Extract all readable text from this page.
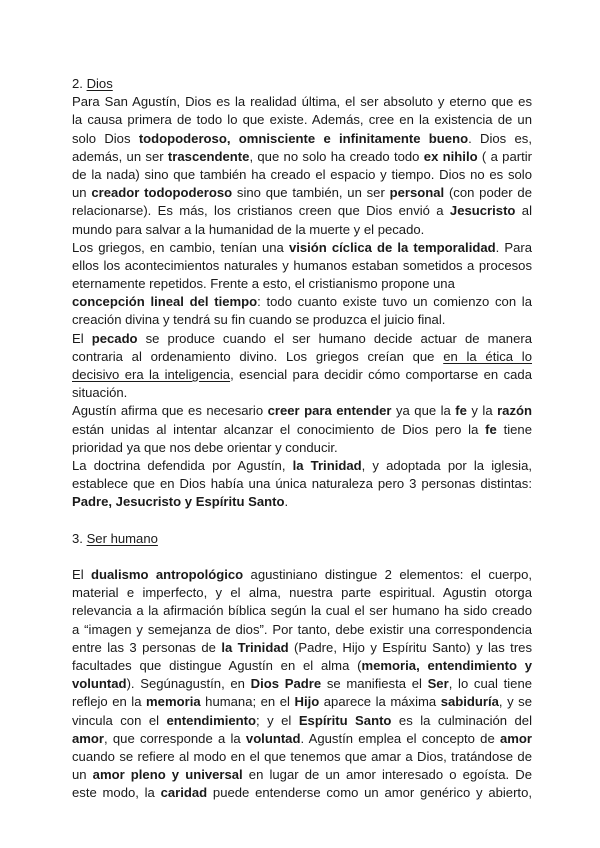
2. Dios
Para San Agustín, Dios es la realidad última, el ser absoluto y eterno que es
la causa primera de todo lo que existe. Además, cree en la existencia de un
solo Dios todopoderoso, omnisciente e infinitamente bueno. Dios es,
además, un ser trascendente, que no solo ha creado todo ex nihilo ( a partir
de la nada) sino que también ha creado el espacio y tiempo. Dios no es solo
un creador todopoderoso sino que también, un ser personal (con poder de
relacionarse). Es más, los cristianos creen que Dios envió a Jesucristo al
mundo para salvar a la humanidad de la muerte y el pecado.
Los griegos, en cambio, tenían una visión cíclica de la temporalidad. Para
ellos los acontecimientos naturales y humanos estaban sometidos a procesos
eternamente repetidos. Frente a esto, el cristianismo propone una
concepción lineal del tiempo: todo cuanto existe tuvo un comienzo con la
creación divina y tendrá su fin cuando se produzca el juicio final.
El pecado se produce cuando el ser humano decide actuar de manera
contraria al ordenamiento divino. Los griegos creían que en la ética lo
decisivo era la inteligencia, esencial para decidir cómo comportarse en cada
situación.
Agustín afirma que es necesario creer para entender ya que la fe y la razón
están unidas al intentar alcanzar el conocimiento de Dios pero la fe tiene
prioridad ya que nos debe orientar y conducir.
La doctrina defendida por Agustín, la Trinidad, y adoptada por la iglesia,
establece que en Dios había una única naturaleza pero 3 personas distintas:
Padre, Jesucristo y Espíritu Santo.
3. Ser humano
El dualismo antropológico agustiniano distingue 2 elementos: el cuerpo,
material e imperfecto, y el alma, nuestra parte espiritual. Agustin otorga
relevancia a la afirmación bíblica según la cual el ser humano ha sido creado
a “imagen y semejanza de dios”. Por tanto, debe existir una correspondencia
entre las 3 personas de la Trinidad (Padre, Hijo y Espíritu Santo) y las tres
facultades que distingue Agustín en el alma (memoria, entendimiento y
voluntad). Segúnagustín, en Dios Padre se manifiesta el Ser, lo cual tiene
reflejo en la memoria humana; en el Hijo aparece la máxima sabiduría, y se
vincula con el entendimiento; y el Espíritu Santo es la culminación del
amor, que corresponde a la voluntad. Agustín emplea el concepto de amor
cuando se refiere al modo en el que tenemos que amar a Dios, tratándose de
un amor pleno y universal en lugar de un amor interesado o egoísta. De
este modo, la caridad puede entenderse como un amor genérico y abierto,
